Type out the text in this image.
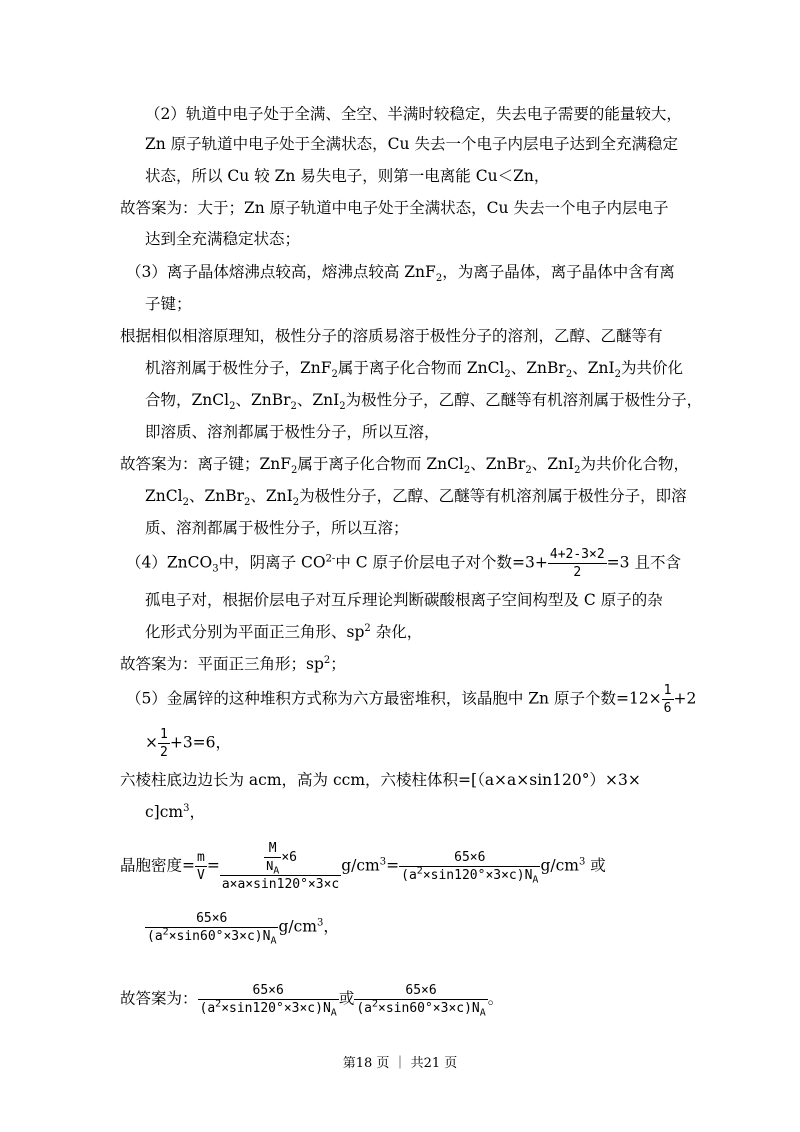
（2）轨道中电子处于全满、全空、半满时较稳定，失去电子需要的能量较大，
Zn 原子轨道中电子处于全满状态，Cu 失去一个电子内层电子达到全充满稳定
状态，所以 Cu 较 Zn 易失电子，则第一电离能 Cu＜Zn，
故答案为：大于；Zn 原子轨道中电子处于全满状态，Cu 失去一个电子内层电子
达到全充满稳定状态；
（3）离子晶体熔沸点较高，熔沸点较高 ZnF$_2$，为离子晶体，离子晶体中含有离
子键；
根据相似相溶原理知，极性分子的溶质易溶于极性分子的溶剂，乙醇、乙醚等有
机溶剂属于极性分子，ZnF$_2$属于离子化合物而 ZnCl$_2$、ZnBr$_2$、ZnI$_2$为共价化
合物，ZnCl$_2$、ZnBr$_2$、ZnI$_2$为极性分子，乙醇、乙醚等有机溶剂属于极性分子，
即溶质、溶剂都属于极性分子，所以互溶，
故答案为：离子键；ZnF$_2$属于离子化合物而 ZnCl$_2$、ZnBr$_2$、ZnI$_2$为共价化合物，
ZnCl$_2$、ZnBr$_2$、ZnI$_2$为极性分子，乙醇、乙醚等有机溶剂属于极性分子，即溶
质、溶剂都属于极性分子，所以互溶；
（4）ZnCO$_3$中，阴离子 $CO^{2-}$中 C 原子价层电子对个数$=3+ \frac{4+2-3\times 2}{2} =3$ 且不含
孤电子对，根据价层电子对互斥理论判断碳酸根离子空间构型及 C 原子的杂
化形式分别为平面正三角形、$sp^2$ 杂化，
故答案为：平面正三角形；$sp^2$；
（5）金属锌的这种堆积方式称为六方最密堆积，该晶胞中 Zn 原子个数$=12\times \frac{1}{6} +2$
× $\frac{1}{2} +3=6$，
六棱柱底边边长为 acm，高为 ccm，六棱柱体积=[（a×a×sin120°）×3×
$c]cm^3$，
晶胞密度= $\frac{m}{V} = \frac{\frac{M}{N_A} \times 6}{a\times a\times\sin 120^\circ\times 3\times c} g/cm^3= \frac{65\times 6}{(a^2\times\sin 120^\circ\times 3\times c)N_A} g/cm^3$ 或
$\frac{65\times 6}{(a^2\times\sin 60^\circ\times 3\times c)N_A} g/cm^3$，
故答案为： $\frac{65\times 6}{(a^2\times\sin 120^\circ\times 3\times c)N_A}$ 或 $\frac{65\times 6}{(a^2\times\sin 60^\circ\times 3\times c)N_A}$ 。
第18 页 ｜ 共21 页
